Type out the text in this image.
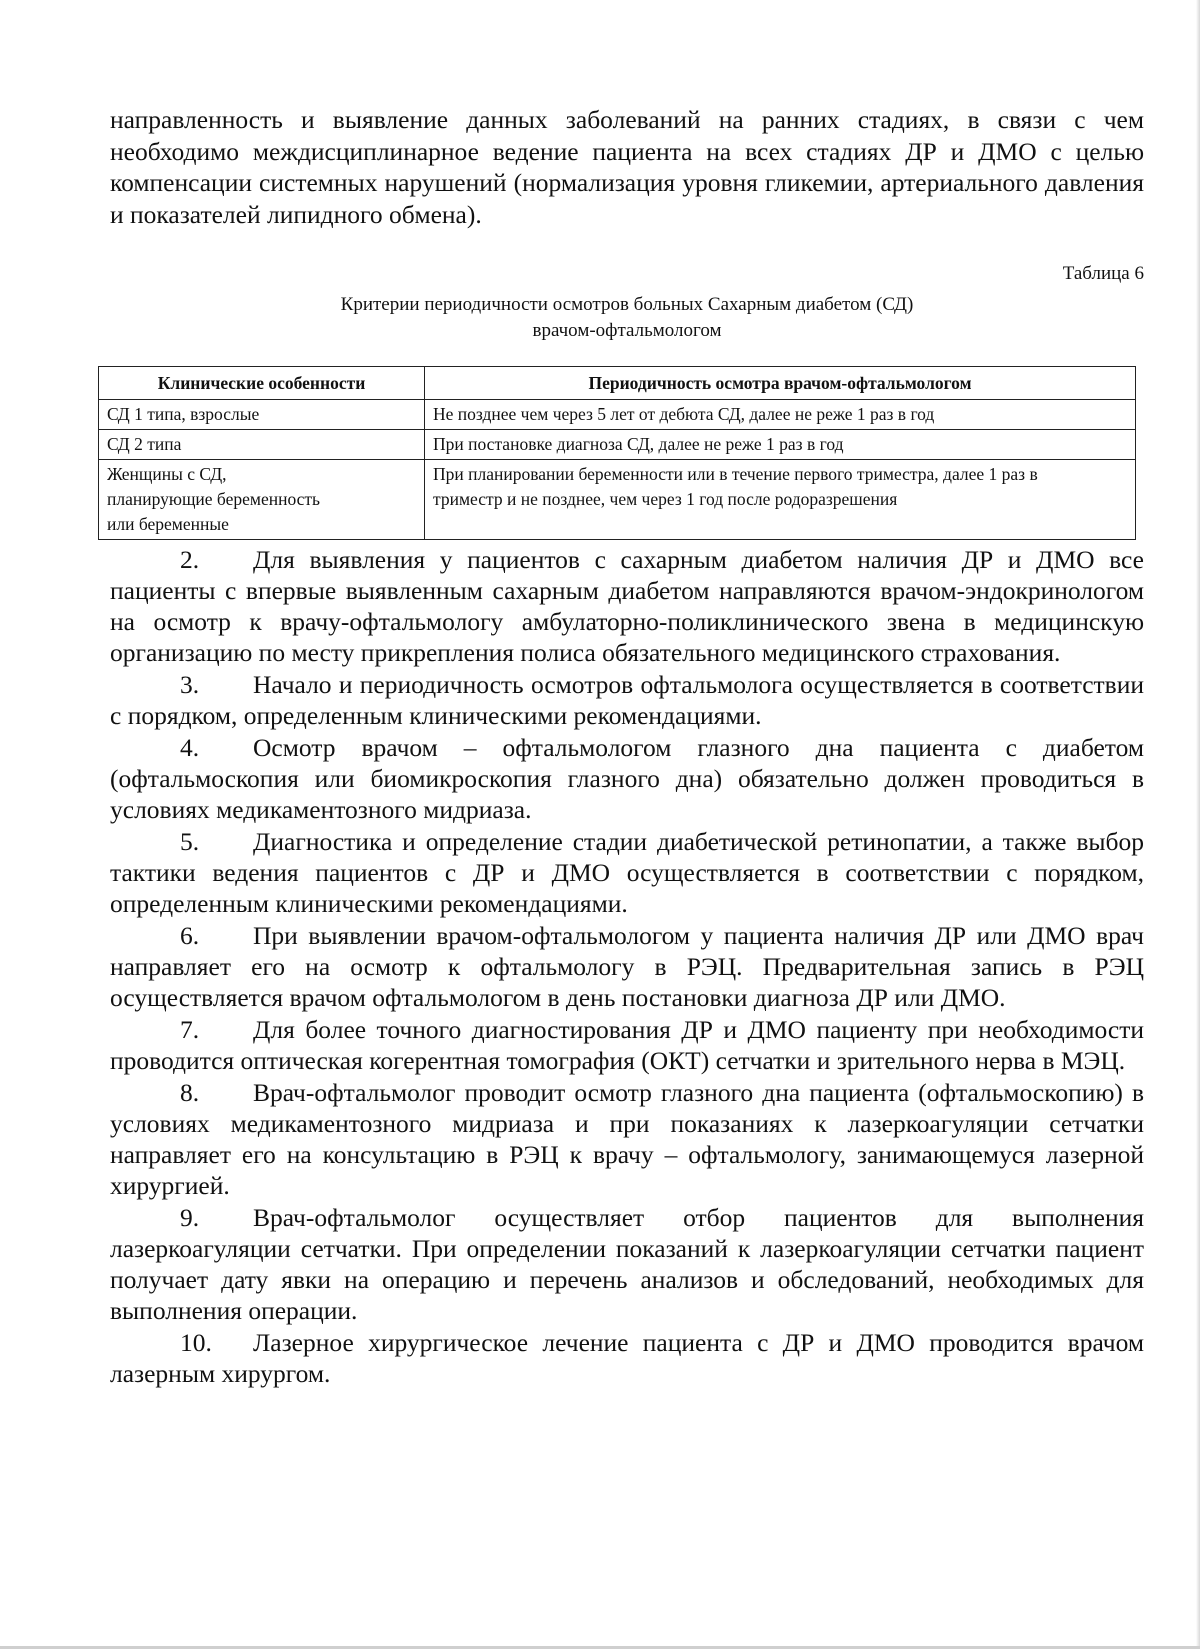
направленность и выявление данных заболеваний на ранних стадиях, в связи с чем необходимо междисциплинарное ведение пациента на всех стадиях ДР и ДМО с целью компенсации системных нарушений (нормализация уровня гликемии, артериального давления и показателей липидного обмена).

Таблица 6

Критерии периодичности осмотров больных Сахарным диабетом (СД)
врачом-офтальмологом
Клинические особенности	Периодичность осмотра врачом-офтальмологом
СД 1 типа, взрослые	Не позднее чем через 5 лет от дебюта СД, далее не реже 1 раз в год
СД 2 типа	При постановке диагноза СД, далее не реже 1 раз в год
Женщины с СД, планирующие беременность или беременные	При планировании беременности или в течение первого триместра, далее 1 раз в триместр и не позднее, чем через 1 год после родоразрешения

2. Для выявления у пациентов с сахарным диабетом наличия ДР и ДМО все пациенты с впервые выявленным сахарным диабетом направляются врачом-эндокринологом на осмотр к врачу-офтальмологу амбулаторно-поликлинического звена в медицинскую организацию по месту прикрепления полиса обязательного медицинского страхования.

3. Начало и периодичность осмотров офтальмолога осуществляется в соответствии с порядком, определенным клиническими рекомендациями.

4. Осмотр врачом – офтальмологом глазного дна пациента с диабетом (офтальмоскопия или биомикроскопия глазного дна) обязательно должен проводиться в условиях медикаментозного мидриаза.

5. Диагностика и определение стадии диабетической ретинопатии, а также выбор тактики ведения пациентов с ДР и ДМО осуществляется в соответствии с порядком, определенным клиническими рекомендациями.

6. При выявлении врачом-офтальмологом у пациента наличия ДР или ДМО врач направляет его на осмотр к офтальмологу в РЭЦ. Предварительная запись в РЭЦ осуществляется врачом офтальмологом в день постановки диагноза ДР или ДМО.

7. Для более точного диагностирования ДР и ДМО пациенту при необходимости проводится оптическая когерентная томография (ОКТ) сетчатки и зрительного нерва в МЭЦ.

8. Врач-офтальмолог проводит осмотр глазного дна пациента (офтальмоскопию) в условиях медикаментозного мидриаза и при показаниях к лазеркоагуляции сетчатки направляет его на консультацию в РЭЦ к врачу – офтальмологу, занимающемуся лазерной хирургией.

9. Врач-офтальмолог осуществляет отбор пациентов для выполнения лазеркоагуляции сетчатки. При определении показаний к лазеркоагуляции сетчатки пациент получает дату явки на операцию и перечень анализов и обследований, необходимых для выполнения операции.

10. Лазерное хирургическое лечение пациента с ДР и ДМО проводится врачом лазерным хирургом.
